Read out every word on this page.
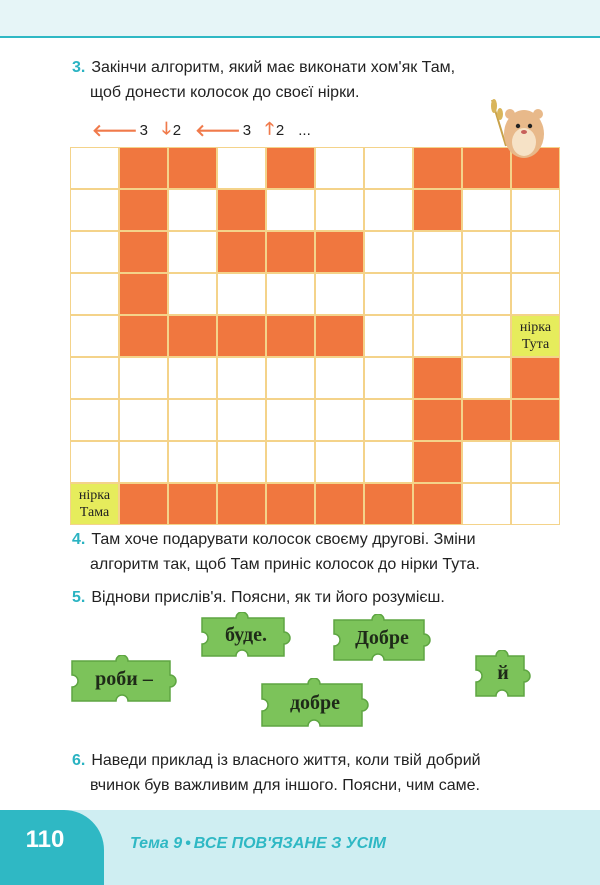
3. Закінчи алгоритм, який має виконати хом'як Там,
щоб донести колосок до своєї нірки.
🡐 3 🡓 2 🡐 3 🡑 2 ...
нірка
Тута
нірка
Тама
4. Там хоче подарувати колосок своєму другові. Зміни
алгоритм так, щоб Там приніс колосок до нірки Тута.
5. Віднови прислів'я. Поясни, як ти його розумієш.
буде.	Добре
роби –	й
добре
6. Наведи приклад із власного життя, коли твій добрий
вчинок був важливим для іншого. Поясни, чим саме.
110	Тема 9 • ВСЕ ПОВ'ЯЗАНЕ З УСІМ
